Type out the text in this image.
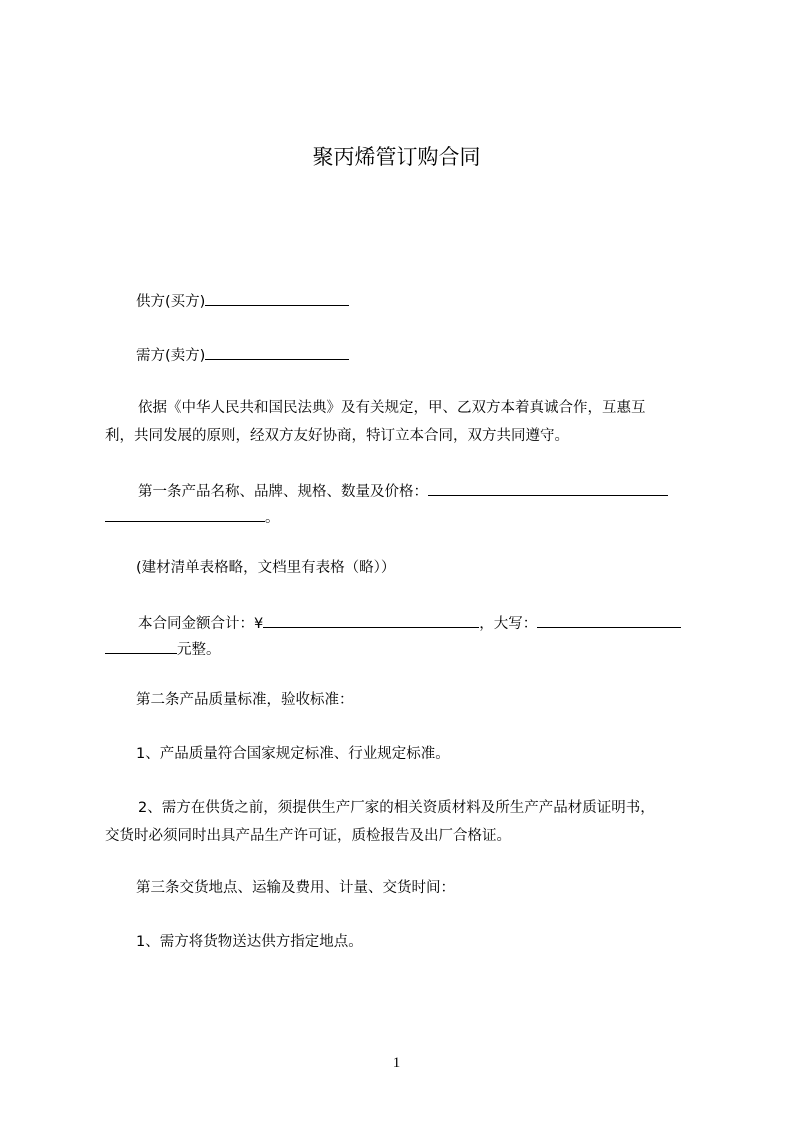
聚丙烯管订购合同
供方(买方)
需方(卖方)
依据《中华人民共和国民法典》及有关规定，甲、乙双方本着真诚合作，互惠互
利，共同发展的原则，经双方友好协商，特订立本合同，双方共同遵守。
第一条产品名称、品牌、规格、数量及价格：
。
(建材清单表格略，文档里有表格（略））
本合同金额合计：¥	，大写：
元整。
第二条产品质量标准，验收标准：
1、产品质量符合国家规定标准、行业规定标准。
2、需方在供货之前，须提供生产厂家的相关资质材料及所生产产品材质证明书，
交货时必须同时出具产品生产许可证，质检报告及出厂合格证。
第三条交货地点、运输及费用、计量、交货时间：
1、需方将货物送达供方指定地点。
1
